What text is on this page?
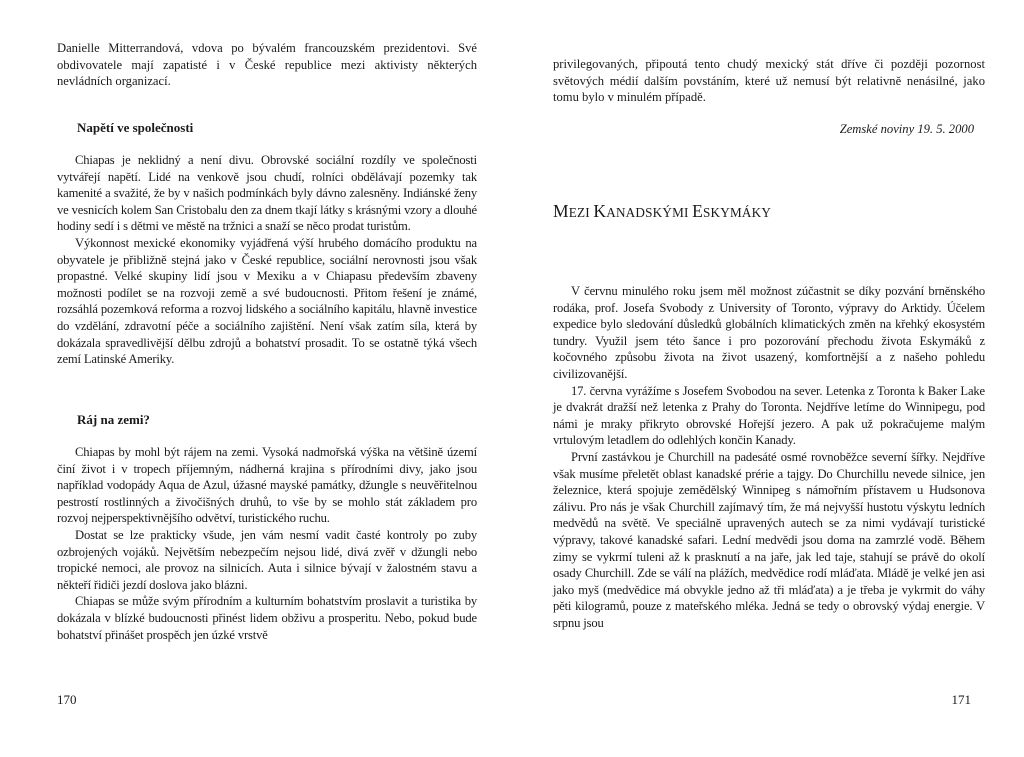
Danielle Mitterrandová, vdova po bývalém francouzském prezidentovi. Své obdivovatele mají zapatisté i v České republice mezi aktivisty některých nevládních organizací.

Napětí ve společnosti

Chiapas je neklidný a není divu. Obrovské sociální rozdíly ve společnosti vytvářejí napětí. Lidé na venkově jsou chudí, rolníci obdělávají pozemky tak kamenité a svažité, že by v našich podmínkách byly dávno zalesněny. Indiánské ženy ve vesnicích kolem San Cristobalu den za dnem tkají látky s krásnými vzory a dlouhé hodiny sedí i s dětmi ve městě na tržnici a snaží se něco prodat turistům.

Výkonnost mexické ekonomiky vyjádřená výší hrubého domácího produktu na obyvatele je přibližně stejná jako v České republice, sociální nerovnosti jsou však propastné. Velké skupiny lidí jsou v Mexiku a v Chiapasu především zbaveny možnosti podílet se na rozvoji země a své budoucnosti. Přitom řešení je známé, rozsáhlá pozemková reforma a rozvoj lidského a sociálního kapitálu, hlavně investice do vzdělání, zdravotní péče a sociálního zajištění. Není však zatím síla, která by dokázala spravedlivější dělbu zdrojů a bohatství prosadit. To se ostatně týká všech zemí Latinské Ameriky.

Ráj na zemi?

Chiapas by mohl být rájem na zemi. Vysoká nadmořská výška na většině území činí život i v tropech příjemným, nádherná krajina s přírodními divy, jako jsou například vodopády Aqua de Azul, úžasné mayské památky, džungle s neuvěřitelnou pestrostí rostlinných a živočišných druhů, to vše by se mohlo stát základem pro rozvoj nejperspektivnějšího odvětví, turistického ruchu.

Dostat se lze prakticky všude, jen vám nesmí vadit časté kontroly po zuby ozbrojených vojáků. Největším nebezpečím nejsou lidé, divá zvěř v džungli nebo tropické nemoci, ale provoz na silnicích. Auta i silnice bývají v žalostném stavu a někteří řidiči jezdí doslova jako blázni.

Chiapas se může svým přírodním a kulturním bohatstvím proslavit a turistika by dokázala v blízké budoucnosti přinést lidem obživu a prosperitu. Nebo, pokud bude bohatství přinášet prospěch jen úzké vrstvě

170

privilegovaných, připoutá tento chudý mexický stát dříve či později pozornost světových médií dalším povstáním, které už nemusí být relativně nenásilné, jako tomu bylo v minulém případě.

Zemské noviny 19. 5. 2000
MEZI KANADSKÝMI ESKYMÁKY

V červnu minulého roku jsem měl možnost zúčastnit se díky pozvání brněnského rodáka, prof. Josefa Svobody z University of Toronto, výpravy do Arktidy. Účelem expedice bylo sledování důsledků globálních klimatických změn na křehký ekosystém tundry. Využil jsem této šance i pro pozorování přechodu života Eskymáků z kočovného způsobu života na život usazený, komfortnější a z našeho pohledu civilizovanější.

17. června vyrážíme s Josefem Svobodou na sever. Letenka z Toronta k Baker Lake je dvakrát dražší než letenka z Prahy do Toronta. Nejdříve letíme do Winnipegu, pod námi je mraky přikryto obrovské Hořejší jezero. A pak už pokračujeme malým vrtulovým letadlem do odlehlých končin Kanady.

První zastávkou je Churchill na padesáté osmé rovnoběžce severní šířky. Nejdříve však musíme přeletět oblast kanadské prérie a tajgy. Do Churchillu nevede silnice, jen železnice, která spojuje zemědělský Winnipeg s námořním přístavem u Hudsonova zálivu. Pro nás je však Churchill zajímavý tím, že má nejvyšší hustotu výskytu ledních medvědů na světě. Ve speciálně upravených autech se za nimi vydávají turistické výpravy, takové kanadské safari. Lední medvědi jsou doma na zamrzlé vodě. Během zimy se vykrmí tuleni až k prasknutí a na jaře, jak led taje, stahují se právě do okolí osady Churchill. Zde se válí na plážích, medvědice rodí mláďata. Mládě je velké jen asi jako myš (medvědice má obvykle jedno až tři mláďata) a je třeba je vykrmit do váhy pěti kilogramů, pouze z mateřského mléka. Jedná se tedy o obrovský výdaj energie. V srpnu jsou

171
